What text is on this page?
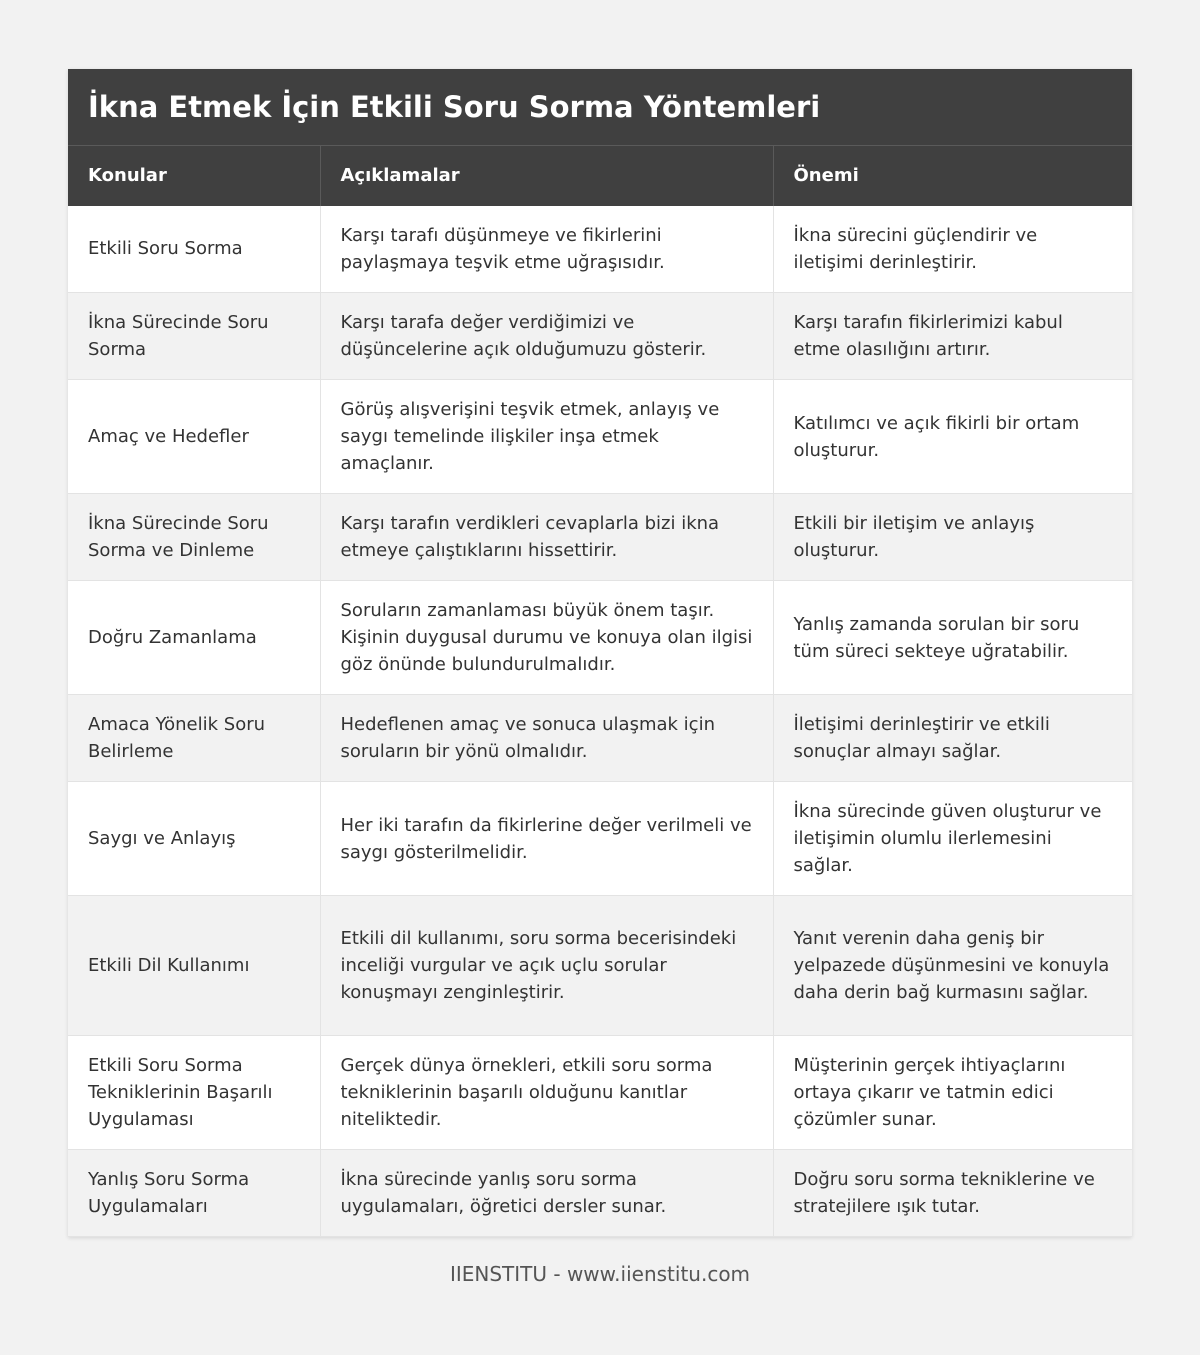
İkna Etmek İçin Etkili Soru Sorma Yöntemleri
Konular	Açıklamalar	Önemi
Etkili Soru Sorma	Karşı tarafı düşünmeye ve fikirlerini paylaşmaya teşvik etme uğraşısıdır.	İkna sürecini güçlendirir ve iletişimi derinleştirir.
İkna Sürecinde Soru Sorma	Karşı tarafa değer verdiğimizi ve düşüncelerine açık olduğumuzu gösterir.	Karşı tarafın fikirlerimizi kabul etme olasılığını artırır.
Amaç ve Hedefler	Görüş alışverişini teşvik etmek, anlayış ve saygı temelinde ilişkiler inşa etmek amaçlanır.	Katılımcı ve açık fikirli bir ortam oluşturur.
İkna Sürecinde Soru Sorma ve Dinleme	Karşı tarafın verdikleri cevaplarla bizi ikna etmeye çalıştıklarını hissettirir.	Etkili bir iletişim ve anlayış oluşturur.
Doğru Zamanlama	Soruların zamanlaması büyük önem taşır. Kişinin duygusal durumu ve konuya olan ilgisi göz önünde bulundurulmalıdır.	Yanlış zamanda sorulan bir soru tüm süreci sekteye uğratabilir.
Amaca Yönelik Soru Belirleme	Hedeflenen amaç ve sonuca ulaşmak için soruların bir yönü olmalıdır.	İletişimi derinleştirir ve etkili sonuçlar almayı sağlar.
Saygı ve Anlayış	Her iki tarafın da fikirlerine değer verilmeli ve saygı gösterilmelidir.	İkna sürecinde güven oluşturur ve iletişimin olumlu ilerlemesini sağlar.
Etkili Dil Kullanımı	Etkili dil kullanımı, soru sorma becerisindeki inceliği vurgular ve açık uçlu sorular konuşmayı zenginleştirir.	Yanıt verenin daha geniş bir yelpazede düşünmesini ve konuyla daha derin bağ kurmasını sağlar.
Etkili Soru Sorma Tekniklerinin Başarılı Uygulaması	Gerçek dünya örnekleri, etkili soru sorma tekniklerinin başarılı olduğunu kanıtlar niteliktedir.	Müşterinin gerçek ihtiyaçlarını ortaya çıkarır ve tatmin edici çözümler sunar.
Yanlış Soru Sorma Uygulamaları	İkna sürecinde yanlış soru sorma uygulamaları, öğretici dersler sunar.	Doğru soru sorma tekniklerine ve stratejilere ışık tutar.
IIENSTITU - www.iienstitu.com
